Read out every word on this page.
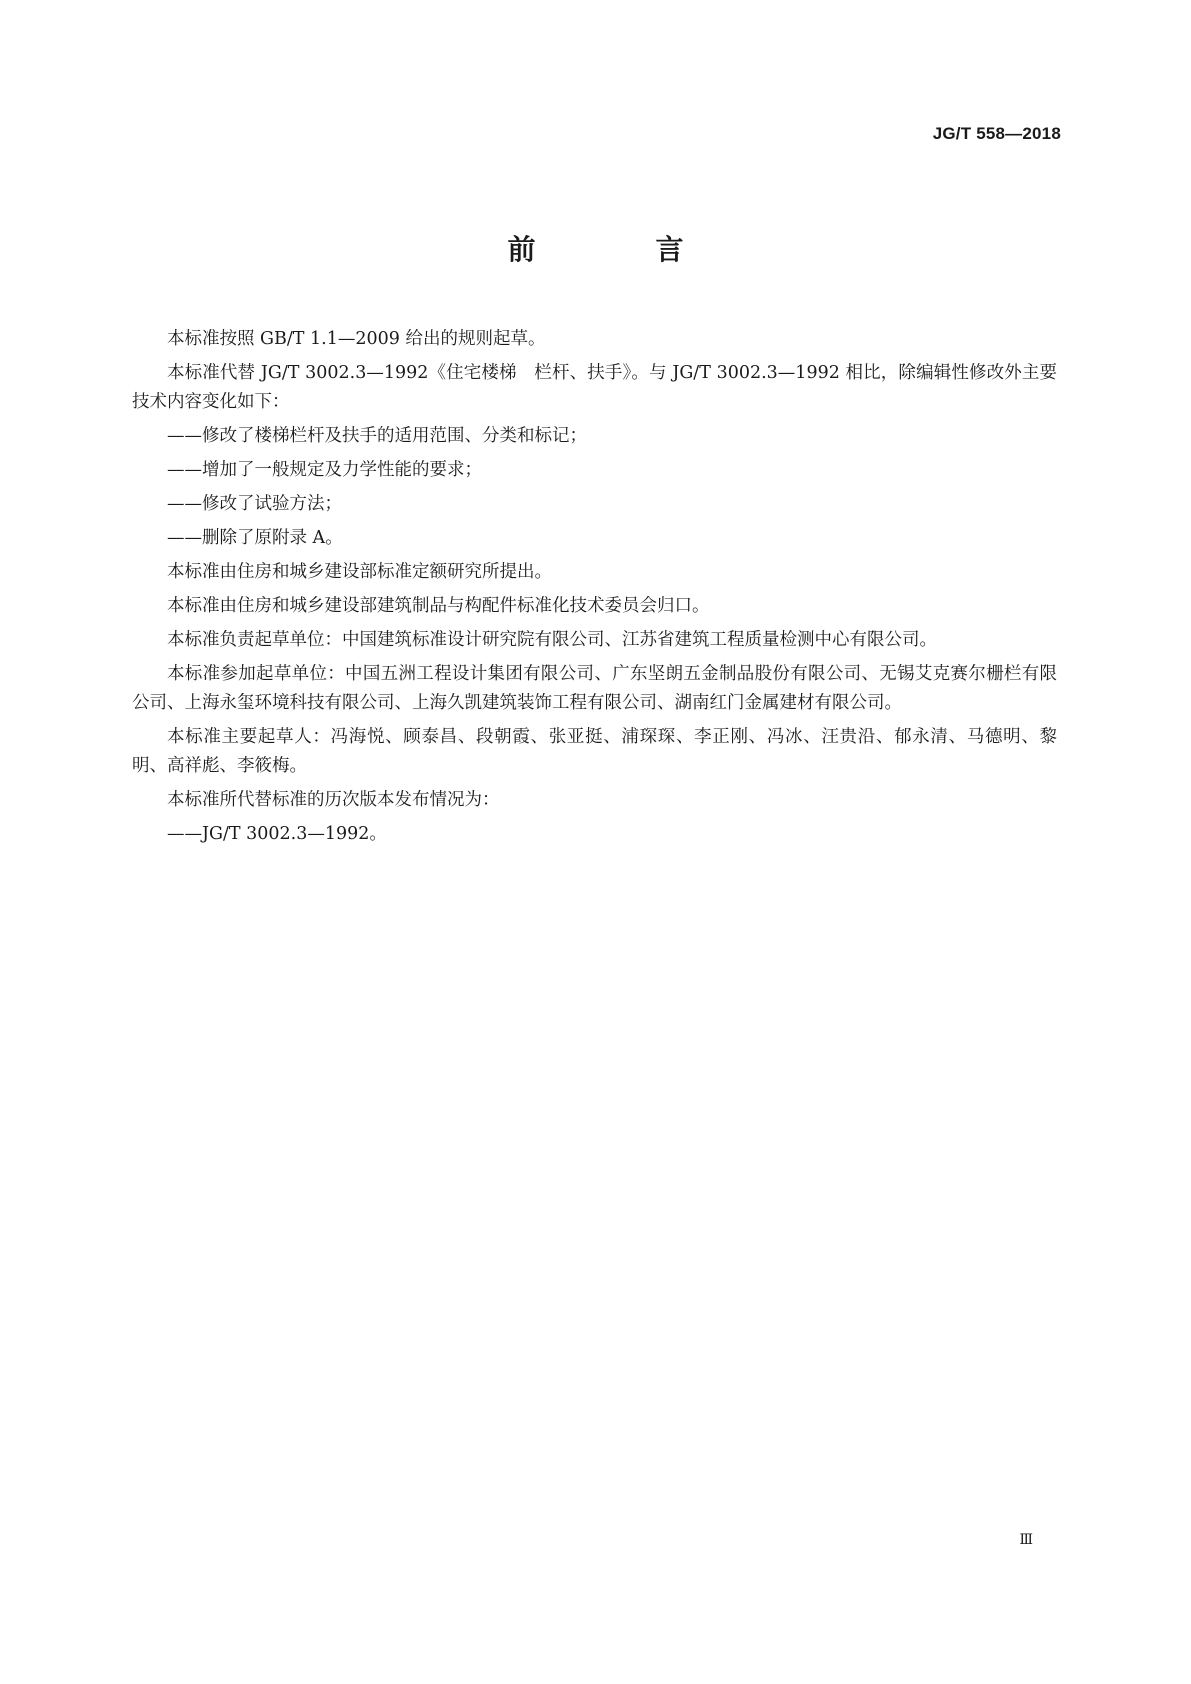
JG/T 558—2018
前　言

本标准按照 GB/T 1.1—2009 给出的规则起草。

本标准代替 JG/T 3002.3—1992《住宅楼梯　栏杆、扶手》。与 JG/T 3002.3—1992 相比，除编辑性修改外主要技术内容变化如下：

——修改了楼梯栏杆及扶手的适用范围、分类和标记；

——增加了一般规定及力学性能的要求；

——修改了试验方法；

——删除了原附录 A。

本标准由住房和城乡建设部标准定额研究所提出。

本标准由住房和城乡建设部建筑制品与构配件标准化技术委员会归口。

本标准负责起草单位：中国建筑标准设计研究院有限公司、江苏省建筑工程质量检测中心有限公司。

本标准参加起草单位：中国五洲工程设计集团有限公司、广东坚朗五金制品股份有限公司、无锡艾克赛尔栅栏有限公司、上海永玺环境科技有限公司、上海久凯建筑装饰工程有限公司、湖南红门金属建材有限公司。

本标准主要起草人：冯海悦、顾泰昌、段朝霞、张亚挺、浦琛琛、李正刚、冯冰、汪贵沿、郁永清、马德明、黎明、高祥彪、李筱梅。

本标准所代替标准的历次版本发布情况为：

——JG/T 3002.3—1992。

Ⅲ
